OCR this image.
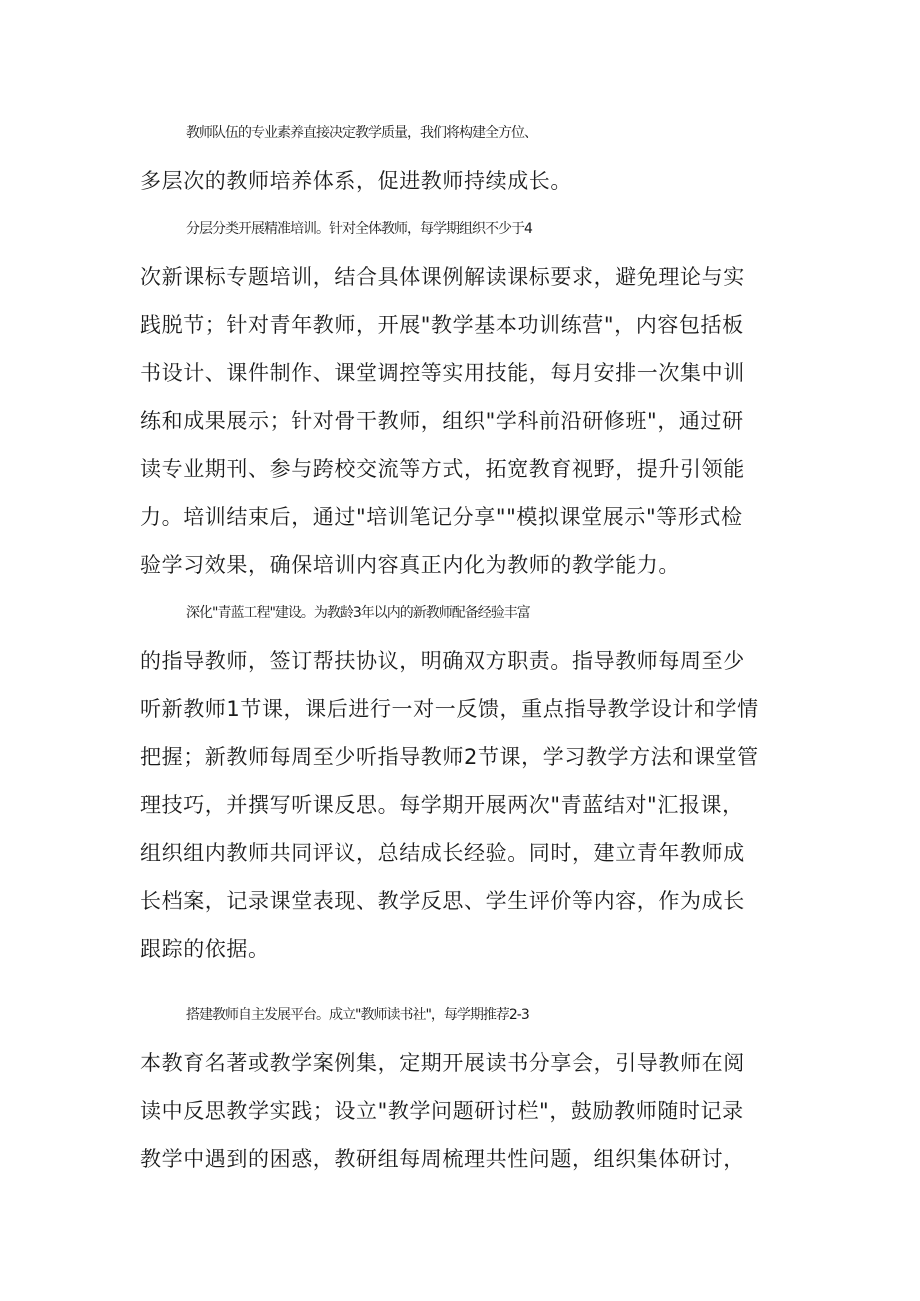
教师队伍的专业素养直接决定教学质量，我们将构建全方位、
多层次的教师培养体系，促进教师持续成长。
分层分类开展精准培训。针对全体教师，每学期组织不少于4
次新课标专题培训，结合具体课例解读课标要求，避免理论与实
践脱节；针对青年教师，开展"教学基本功训练营"，内容包括板
书设计、课件制作、课堂调控等实用技能，每月安排一次集中训
练和成果展示；针对骨干教师，组织"学科前沿研修班"，通过研
读专业期刊、参与跨校交流等方式，拓宽教育视野，提升引领能
力。培训结束后，通过"培训笔记分享""模拟课堂展示"等形式检
验学习效果，确保培训内容真正内化为教师的教学能力。
深化"青蓝工程"建设。为教龄3年以内的新教师配备经验丰富
的指导教师，签订帮扶协议，明确双方职责。指导教师每周至少
听新教师1节课，课后进行一对一反馈，重点指导教学设计和学情
把握；新教师每周至少听指导教师2节课，学习教学方法和课堂管
理技巧，并撰写听课反思。每学期开展两次"青蓝结对"汇报课，
组织组内教师共同评议，总结成长经验。同时，建立青年教师成
长档案，记录课堂表现、教学反思、学生评价等内容，作为成长
跟踪的依据。
搭建教师自主发展平台。成立"教师读书社"，每学期推荐2-3
本教育名著或教学案例集，定期开展读书分享会，引导教师在阅
读中反思教学实践；设立"教学问题研讨栏"，鼓励教师随时记录
教学中遇到的困惑，教研组每周梳理共性问题，组织集体研讨，
